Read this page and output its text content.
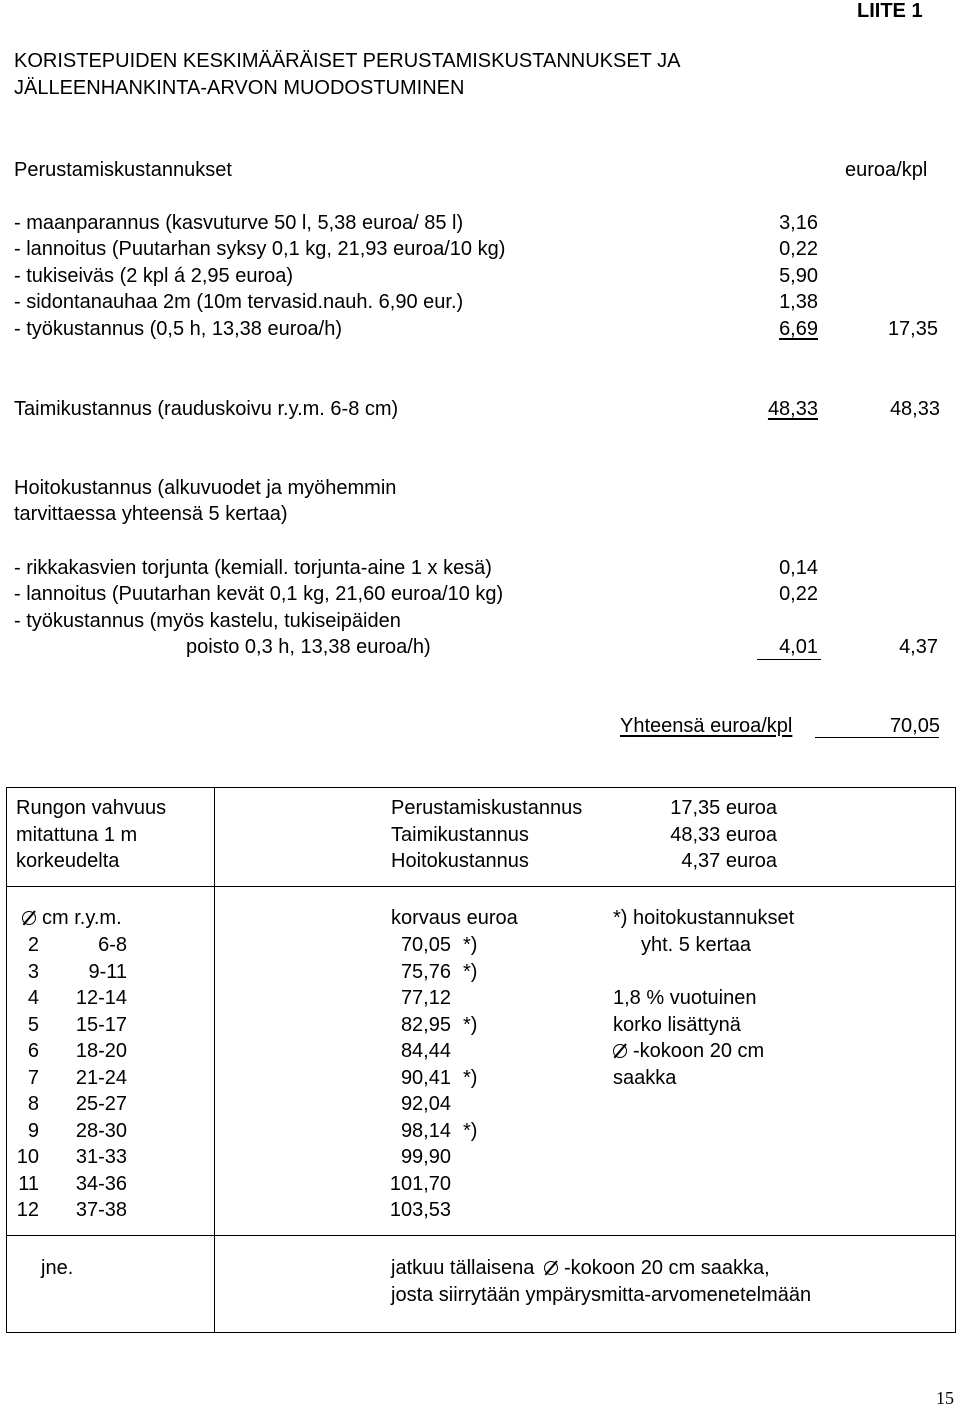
LIITE 1
KORISTEPUIDEN KESKIMÄÄRÄISET PERUSTAMISKUSTANNUKSET JA
JÄLLEENHANKINTA-ARVON MUODOSTUMINEN
Perustamiskustannukset	euroa/kpl
- maanparannus (kasvuturve 50 l, 5,38 euroa/ 85 l)	3,16
- lannoitus (Puutarhan syksy 0,1 kg, 21,93 euroa/10 kg)	0,22
- tukiseiväs (2 kpl á 2,95 euroa)	5,90
- sidontanauhaa 2m (10m tervasid.nauh. 6,90 eur.)	1,38
- työkustannus (0,5 h, 13,38 euroa/h)	6,69	17,35
Taimikustannus (rauduskoivu r.y.m. 6-8 cm)	48,33	48,33
Hoitokustannus (alkuvuodet ja myöhemmin
tarvittaessa yhteensä 5 kertaa)
- rikkakasvien torjunta (kemiall. torjunta-aine 1 x kesä)	0,14
- lannoitus (Puutarhan kevät 0,1 kg, 21,60 euroa/10 kg)	0,22
- työkustannus (myös kastelu, tukiseipäiden
poisto 0,3 h, 13,38 euroa/h)	4,01	4,37
Yhteensä euroa/kpl	70,05
Rungon vahvuus
mitattuna 1 m
korkeudelta
Perustamiskustannus	17,35 euroa
Taimikustannus	48,33 euroa
Hoitokustannus	4,37 euroa
cm r.y.m.	korvaus euroa
2	6-8	70,05 *)
3	9-11	75,76 *)
4	12-14	77,12
5	15-17	82,95 *)
6	18-20	84,44
7	21-24	90,41 *)
8	25-27	92,04
9	28-30	98,14 *)
10	31-33	99,90
11	34-36	101,70
12	37-38	103,53
*) hoitokustannukset
yht. 5 kertaa
1,8 % vuotuinen
korko lisättynä
-kokoon 20 cm
saakka
jne.	jatkuu tällaisena -kokoon 20 cm saakka,
josta siirrytään ympärysmitta-arvomenetelmään
15
